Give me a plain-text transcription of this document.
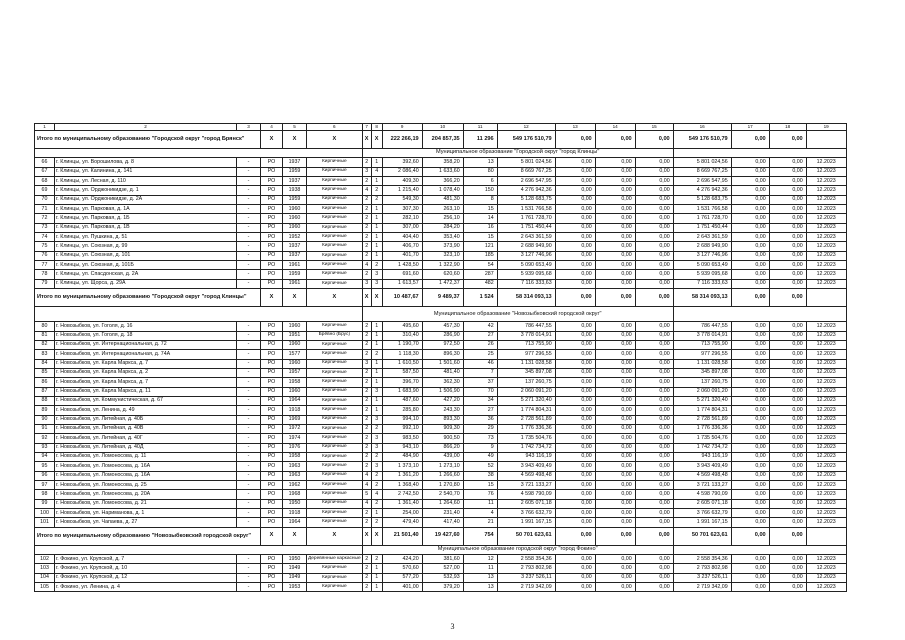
1	2	3	4	5	6	7	8	9	10	11	12	13	14	15	16	17	18	19
Итого по муниципальному образованию "Городской округ "город Брянск"			X	X	X	X	X	222 266,19	204 857,35	11 296	549 176 510,79	0,00	0,00	0,00	549 176 510,79	0,00	0,00	
						Муниципальное образование "Городской округ "город Клинцы"												
66	г. Клинцы, ул. Ворошилова, д. 8	-	РО	1937	Кирпичные	2	1	392,60	358,20	13	5 801 024,56	0,00	0,00	0,00	5 801 024,56	0,00	0,00	12.2023
67	г. Клинцы, ул. Калинина, д. 141	-	РО	1959	Кирпичные	3	4	2 086,40	1 633,60	80	8 669 767,25	0,00	0,00	0,00	8 669 767,25	0,00	0,00	12.2023
68	г. Клинцы, ул. Лесная, д. 110	-	РО	1937	Кирпичные	2	1	409,30	366,20	6	2 696 547,95	0,00	0,00	0,00	2 696 547,95	0,00	0,00	12.2023
69	г. Клинцы, ул. Орджоникидзе, д. 1	-	РО	1938	Кирпичные	4	2	1 215,40	1 078,40	150	4 276 942,36	0,00	0,00	0,00	4 276 942,36	0,00	0,00	12.2023
70	г. Клинцы, ул. Орджоникидзе, д. 2А	-	РО	1959	Кирпичные	2	2	549,30	481,30	8	5 128 683,75	0,00	0,00	0,00	5 128 683,75	0,00	0,00	12.2023
71	г. Клинцы, ул. Парковая, д. 1А	-	РО	1960	Кирпичные	2	1	307,30	263,10	15	1 531 766,58	0,00	0,00	0,00	1 531 766,58	0,00	0,00	12.2023
72	г. Клинцы, ул. Парковая, д. 1Б	-	РО	1960	Кирпичные	2	1	282,10	256,10	14	1 761 728,70	0,00	0,00	0,00	1 761 728,70	0,00	0,00	12.2023
73	г. Клинцы, ул. Парковая, д. 1В	-	РО	1960	Кирпичные	2	1	307,00	284,20	16	1 751 450,44	0,00	0,00	0,00	1 751 450,44	0,00	0,00	12.2023
74	г. Клинцы, ул. Пушкина, д. 51	-	РО	1952	Кирпичные	2	1	404,40	353,40	15	2 643 361,59	0,00	0,00	0,00	2 643 361,59	0,00	0,00	12.2023
75	г. Клинцы, ул. Союзная, д. 99	-	РО	1937	Кирпичные	2	1	406,70	373,90	121	2 688 949,90	0,00	0,00	0,00	2 688 949,90	0,00	0,00	12.2023
76	г. Клинцы, ул. Союзная, д. 101	-	РО	1937	Кирпичные	2	1	401,70	323,10	185	3 127 746,96	0,00	0,00	0,00	3 127 746,96	0,00	0,00	12.2023
77	г. Клинцы, ул. Союзная, д. 101Б	-	РО	1961	Кирпичные	4	2	1 428,50	1 322,90	54	5 090 653,49	0,00	0,00	0,00	5 090 653,49	0,00	0,00	12.2023
78	г. Клинцы, ул. Спасдонская, д. 2А	-	РО	1959	Кирпичные	2	3	691,60	620,60	287	5 939 095,68	0,00	0,00	0,00	5 939 095,68	0,00	0,00	12.2023
79	г. Клинцы, ул. Щорса, д. 29А	-	РО	1961	Кирпичные	3	3	1 613,57	1 472,37	482	7 116 333,63	0,00	0,00	0,00	7 116 333,63	0,00	0,00	12.2023
Итого по муниципальному образованию "Городской округ "город Клинцы"			X	X	X	X	X	10 487,67	9 489,37	1 524	58 314 093,13	0,00	0,00	0,00	58 314 093,13	0,00	0,00	
						Муниципальное образование "Новозыбковский городской округ"												
80	г. Новозыбков, ул. Гоголя, д. 16	-	РО	1960	Кирпичные	2	1	495,60	457,30	42	786 447,55	0,00	0,00	0,00	786 447,55	0,00	0,00	12.2023
81	г. Новозыбков, ул. Гоголя, д. 18	-	РО	1951	Брёвно (Брус)	2	1	310,40	286,90	27	3 778 014,91	0,00	0,00	0,00	3 778 014,91	0,00	0,00	12.2023
82	г. Новозыбков, ул. Интернациональная, д. 72	-	РО	1960	Кирпичные	2	1	1 190,70	972,50	26	713 755,90	0,00	0,00	0,00	713 755,90	0,00	0,00	12.2023
83	г. Новозыбков, ул. Интернациональная, д. 74А	-	РО	1577	Кирпичные	2	2	1 118,30	896,30	25	977 296,55	0,00	0,00	0,00	977 296,55	0,00	0,00	12.2023
84	г. Новозыбков, ул. Карла Маркса, д. 7	-	РО	1960	Кирпичные	3	1	1 610,50	1 501,60	46	1 131 028,58	0,00	0,00	0,00	1 131 028,58	0,00	0,00	12.2023
85	г. Новозыбков, ул. Карла Маркса, д. 2	-	РО	1957	Кирпичные	2	1	587,50	481,40	7	345 897,08	0,00	0,00	0,00	345 897,08	0,00	0,00	12.2023
86	г. Новозыбков, ул. Карла Маркса, д. 7	-	РО	1958	Кирпичные	2	1	396,70	362,30	37	137 260,75	0,00	0,00	0,00	137 260,75	0,00	0,00	12.2023
87	г. Новозыбков, ул. Карла Маркса, д. 11	-	РО	1960	Кирпичные	2	3	1 683,90	1 506,90	70	2 060 091,20	0,00	0,00	0,00	2 060 091,20	0,00	0,00	12.2023
88	г. Новозыбков, ул. Коммунистическая, д. 67	-	РО	1964	Кирпичные	2	1	487,60	427,20	34	5 271 320,40	0,00	0,00	0,00	5 271 320,40	0,00	0,00	12.2023
89	г. Новозыбков, ул. Ленина, д. 49	-	РО	1918	Кирпичные	2	1	285,80	243,30	27	1 774 804,31	0,00	0,00	0,00	1 774 804,31	0,00	0,00	12.2023
90	г. Новозыбков, ул. Литейная, д. 40Б	-	РО	1969	Кирпичные	2	3	994,10	893,30	36	2 728 561,89	0,00	0,00	0,00	2 728 561,89	0,00	0,00	12.2023
91	г. Новозыбков, ул. Литейная, д. 40В	-	РО	1972	Кирпичные	2	2	992,10	909,30	29	1 776 336,36	0,00	0,00	0,00	1 776 336,36	0,00	0,00	12.2023
92	г. Новозыбков, ул. Литейная, д. 40Г	-	РО	1974	Кирпичные	2	3	983,50	900,50	73	1 735 504,76	0,00	0,00	0,00	1 735 504,76	0,00	0,00	12.2023
93	г. Новозыбков, ул. Литейная, д. 40Д	-	РО	1976	Кирпичные	2	3	943,10	866,20	9	1 742 734,72	0,00	0,00	0,00	1 742 734,72	0,00	0,00	12.2023
94	г. Новозыбков, ул. Ломоносова, д. 11	-	РО	1958	Кирпичные	2	2	484,90	439,00	49	943 116,19	0,00	0,00	0,00	943 116,19	0,00	0,00	12.2023
95	г. Новозыбков, ул. Ломоносова, д. 16А	-	РО	1963	Кирпичные	2	3	1 373,10	1 273,10	52	3 943 409,49	0,00	0,00	0,00	3 943 409,49	0,00	0,00	12.2023
96	г. Новозыбков, ул. Ломоносова, д. 16А	-	РО	1963	Кирпичные	4	2	1 361,20	1 266,60	38	4 569 498,48	0,00	0,00	0,00	4 569 498,48	0,00	0,00	12.2023
97	г. Новозыбков, ул. Ломоносова, д. 25	-	РО	1962	Кирпичные	4	2	1 368,40	1 270,80	15	3 721 133,27	0,00	0,00	0,00	3 721 133,27	0,00	0,00	12.2023
98	г. Новозыбков, ул. Ломоносова, д. 20А	-	РО	1968	Кирпичные	5	4	2 742,50	2 540,70	76	4 598 790,09	0,00	0,00	0,00	4 598 790,09	0,00	0,00	12.2023
99	г. Новозыбков, ул. Ломоносова, д. 21	-	РО	1950	Кирпичные	4	2	1 361,40	1 264,60	11	2 605 071,18	0,00	0,00	0,00	2 605 071,18	0,00	0,00	12.2023
100	г. Новозыбков, ул. Нариманова, д. 1	-	РО	1918	Кирпичные	2	1	254,00	231,40	4	3 766 632,79	0,00	0,00	0,00	3 766 632,79	0,00	0,00	12.2023
101	г. Новозыбков, ул. Чапаева, д. 27	-	РО	1964	Кирпичные	2	2	479,40	417,40	21	1 991 167,15	0,00	0,00	0,00	1 991 167,15	0,00	0,00	12.2023
Итого по муниципальному образованию "Новозыбковский городской округ"			X	X	X	X	X	21 501,40	19 427,60	754	50 701 623,61	0,00	0,00	0,00	50 701 623,61	0,00	0,00	
						Муниципальное образование городской округ "город Фокино"												
102	г. Фокино, ул. Крупской, д. 7	-	РО	1950	Деревянные каркасные	2	2	424,20	381,60	12	2 558 354,36	0,00	0,00	0,00	2 558 354,36	0,00	0,00	12.2023
103	г. Фокино, ул. Крупской, д. 10	-	РО	1949	Кирпичные	2	1	570,60	527,00	11	2 793 802,98	0,00	0,00	0,00	2 793 802,98	0,00	0,00	12.2023
104	г. Фокино, ул. Крупской, д. 12	-	РО	1949	Кирпичные	2	1	577,20	532,93	13	3 237 526,11	0,00	0,00	0,00	3 237 526,11	0,00	0,00	12.2023
105	г. Фокино, ул. Ленина, д. 4	-	РО	1953	Кирпичные	2	1	401,00	379,20	13	2 719 342,09	0,00	0,00	0,00	2 719 342,09	0,00	0,00	12.2023
3
